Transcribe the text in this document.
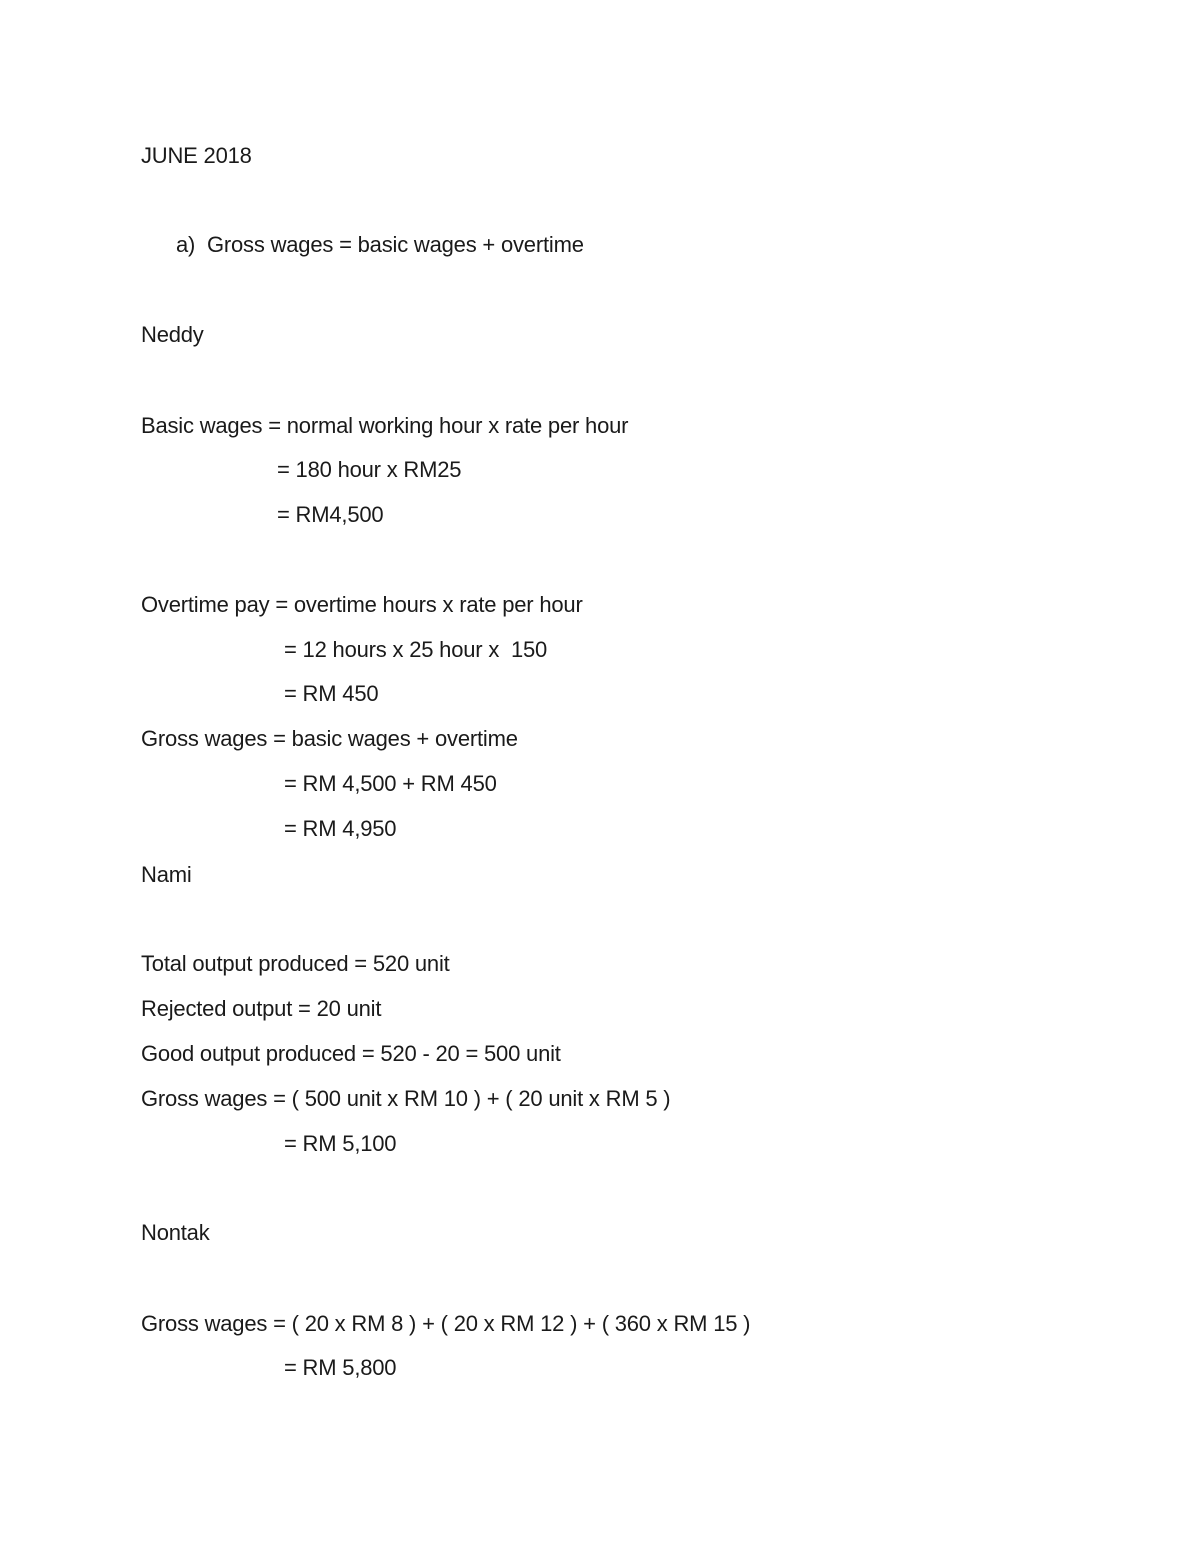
JUNE 2018
a)  Gross wages = basic wages + overtime
Neddy
Basic wages = normal working hour x rate per hour
= 180 hour x RM25
= RM4,500
Overtime pay = overtime hours x rate per hour
= 12 hours x 25 hour x  150
= RM 450
Gross wages = basic wages + overtime
= RM 4,500 + RM 450
= RM 4,950
Nami
Total output produced = 520 unit
Rejected output = 20 unit
Good output produced = 520 - 20 = 500 unit
Gross wages = ( 500 unit x RM 10 ) + ( 20 unit x RM 5 )
= RM 5,100
Nontak
Gross wages = ( 20 x RM 8 ) + ( 20 x RM 12 ) + ( 360 x RM 15 )
= RM 5,800
